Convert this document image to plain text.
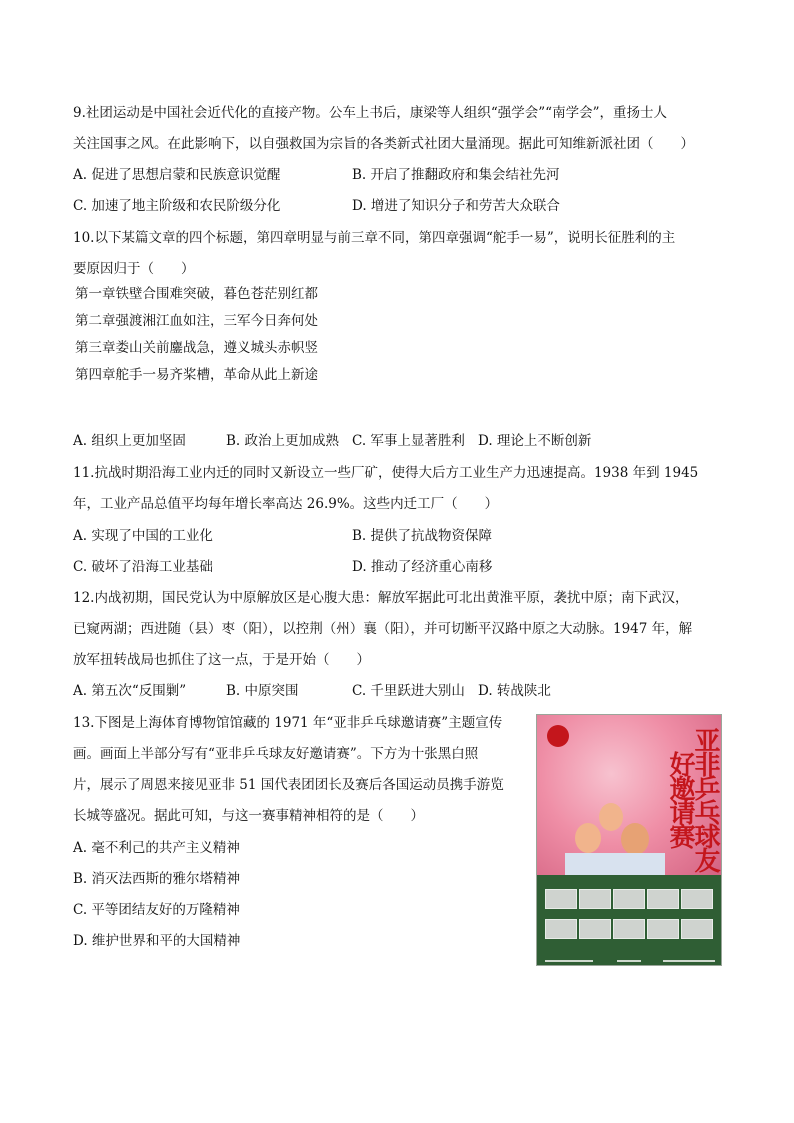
9.社团运动是中国社会近代化的直接产物。公车上书后，康梁等人组织“强学会”“南学会”，重扬士人
关注国事之风。在此影响下，以自强救国为宗旨的各类新式社团大量涌现。据此可知维新派社团（　　）
A. 促进了思想启蒙和民族意识觉醒	B. 开启了推翻政府和集会结社先河
C. 加速了地主阶级和农民阶级分化	D. 增进了知识分子和劳苦大众联合
10.以下某篇文章的四个标题，第四章明显与前三章不同，第四章强调“舵手一易”，说明长征胜利的主
要原因归于（　　）
第一章铁壁合围难突破，暮色苍茫别红都
第二章强渡湘江血如注，三军今日奔何处
第三章娄山关前鏖战急，遵义城头赤帜竖
第四章舵手一易齐桨槽，革命从此上新途
A. 组织上更加坚固	B. 政治上更加成熟 C. 军事上显著胜利 D. 理论上不断创新
11.抗战时期沿海工业内迁的同时又新设立一些厂矿，使得大后方工业生产力迅速提高。1938 年到 1945
年，工业产品总值平均每年增长率高达 26.9%。这些内迁工厂（　　）
A. 实现了中国的工业化	B. 提供了抗战物资保障
C. 破坏了沿海工业基础	D. 推动了经济重心南移
12.内战初期，国民党认为中原解放区是心腹大患：解放军据此可北出黄淮平原，袭扰中原；南下武汉，
已窥两湖；西进随（县）枣（阳），以控荆（州）襄（阳），并可切断平汉路中原之大动脉。1947 年，解
放军扭转战局也抓住了这一点，于是开始（　　）
A. 第五次“反围剿”	B. 中原突围	C. 千里跃进大别山 D. 转战陕北
13.下图是上海体育博物馆馆藏的 1971 年“亚非乒乓球邀请赛”主题宣传
画。画面上半部分写有“亚非乒乓球友好邀请赛”。下方为十张黑白照
片，展示了周恩来接见亚非 51 国代表团团长及赛后各国运动员携手游览
长城等盛况。据此可知，与这一赛事精神相符的是（　　）
A. 毫不利己的共产主义精神
B. 消灭法西斯的雅尔塔精神
C. 平等团结友好的万隆精神
D. 维护世界和平的大国精神
亚非乒乓球友好邀请赛
